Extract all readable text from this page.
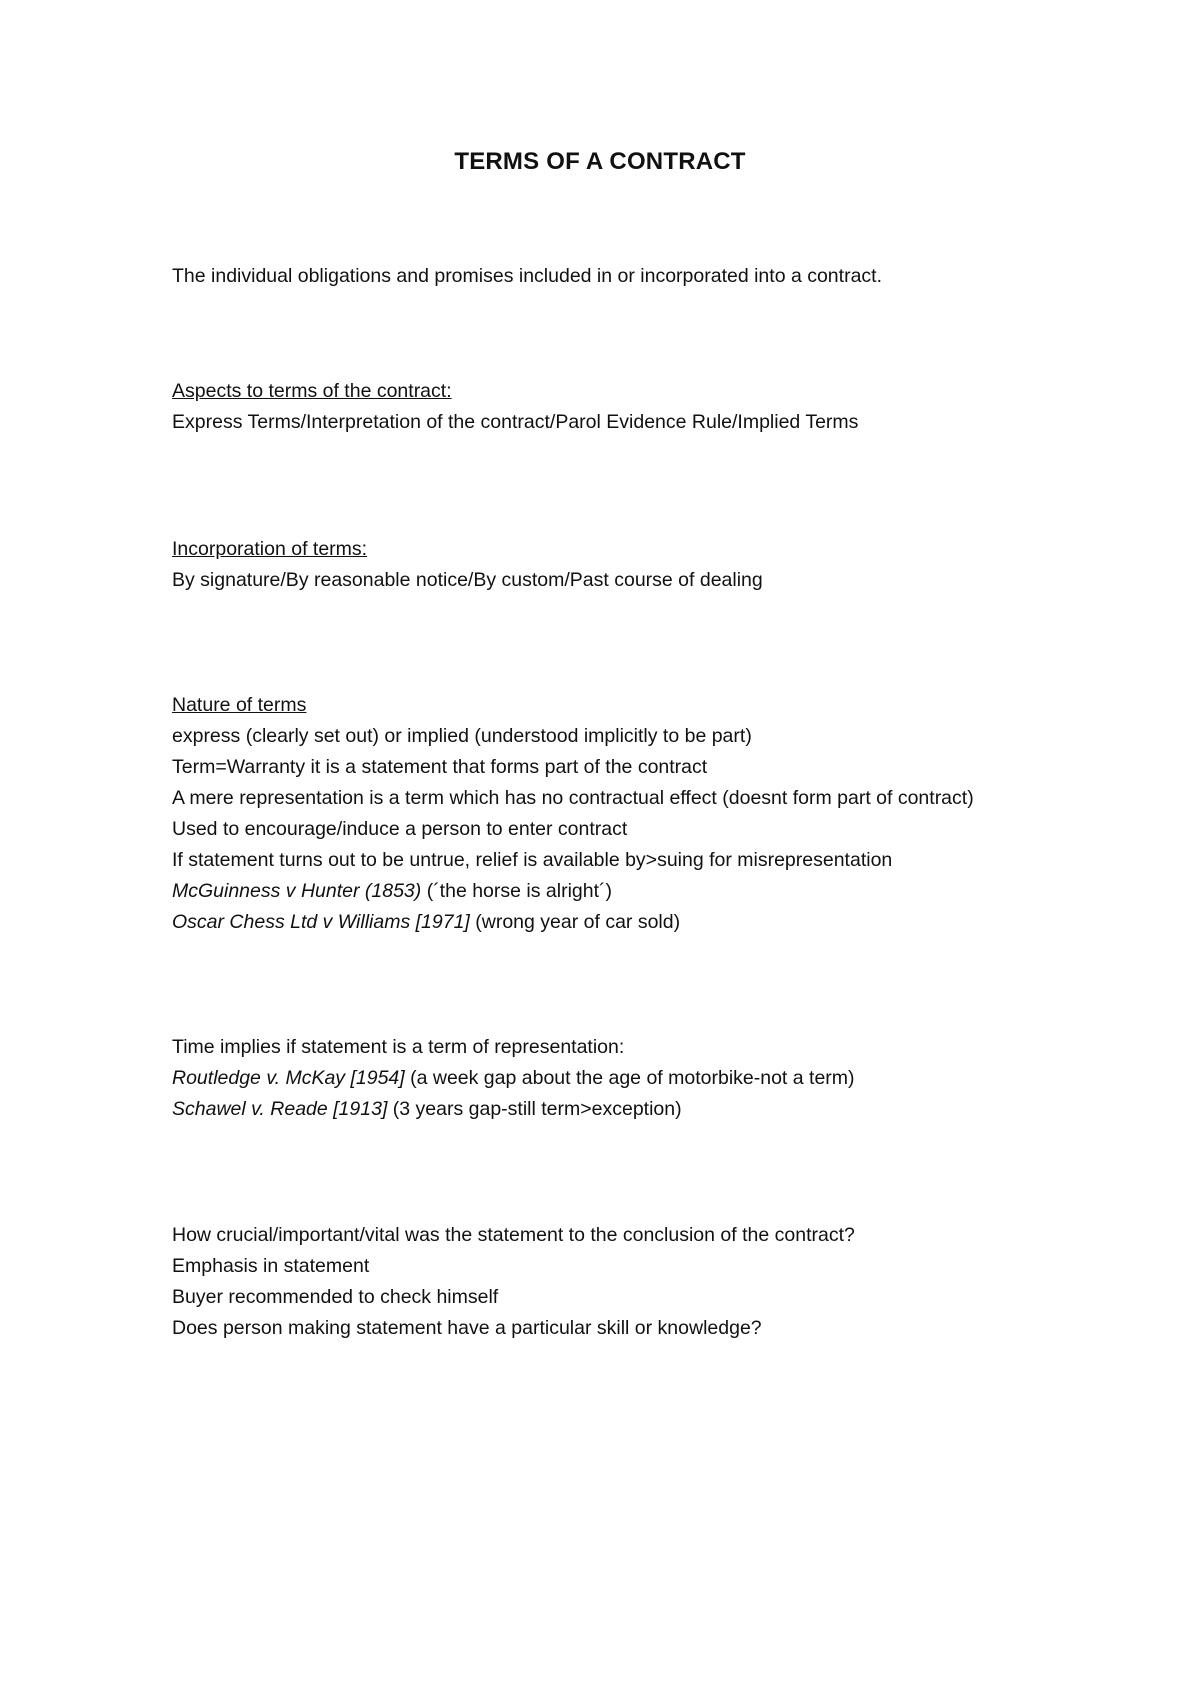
TERMS OF A CONTRACT
The individual obligations and promises included in or incorporated into a contract.
Aspects to terms of the contract:
Express Terms/Interpretation of the contract/Parol Evidence Rule/Implied Terms
Incorporation of terms:
By signature/By reasonable notice/By custom/Past course of dealing
Nature of terms
express (clearly set out) or implied (understood implicitly to be part)
Term=Warranty it is a statement that forms part of the contract
A mere representation is a term which has no contractual effect (doesnt form part of contract)
Used to encourage/induce a person to enter contract
If statement turns out to be untrue, relief is available by>suing for misrepresentation
McGuinness v Hunter (1853) (´the horse is alright´)
Oscar Chess Ltd v Williams [1971] (wrong year of car sold)
Time implies if statement is a term of representation:
Routledge v. McKay [1954] (a week gap about the age of motorbike-not a term)
Schawel v. Reade [1913] (3 years gap-still term>exception)
How crucial/important/vital was the statement to the conclusion of the contract?
Emphasis in statement
Buyer recommended to check himself
Does person making statement have a particular skill or knowledge?
